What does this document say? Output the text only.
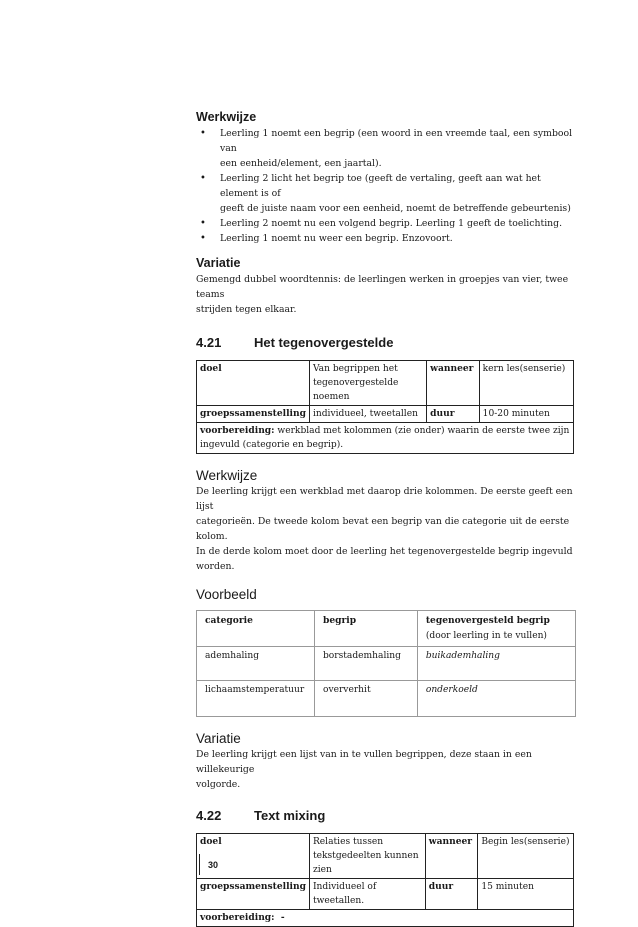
Werkwijze
• Leerling 1 noemt een begrip (een woord in een vreemde taal, een symbool van
een eenheid/element, een jaartal).
• Leerling 2 licht het begrip toe (geeft de vertaling, geeft aan wat het element is of
geeft de juiste naam voor een eenheid, noemt de betreffende gebeurtenis)
• Leerling 2 noemt nu een volgend begrip. Leerling 1 geeft de toelichting.
• Leerling 1 noemt nu weer een begrip. Enzovoort.
Variatie

Gemengd dubbel woordtennis: de leerlingen werken in groepjes van vier, twee teams
strijden tegen elkaar.

4.21	Het tegenovergestelde
doel	Van begrippen het
tegenovergestelde noemen	wanneer	kern les(senserie)
groepssamenstelling	individueel, tweetallen	duur	10-20 minuten
voorbereiding: werkblad met kolommen (zie onder) waarin de eerste twee zijn
ingevuld (categorie en begrip).			
Werkwijze

De leerling krijgt een werkblad met daarop drie kolommen. De eerste geeft een lijst
categorieën. De tweede kolom bevat een begrip van die categorie uit de eerste kolom.
In de derde kolom moet door de leerling het tegenovergestelde begrip ingevuld
worden.

Voorbeeld
categorie	begrip	tegenovergesteld begrip
(door leerling in te vullen)
ademhaling	borstademhaling	buikademhaling
lichaamstemperatuur	oververhit	onderkoeld
Variatie

De leerling krijgt een lijst van in te vullen begrippen, deze staan in een willekeurige
volgorde.

4.22	Text mixing
doel	Relaties tussen
tekstgedeelten kunnen
zien	wanneer	Begin les(senserie)
groepssamenstelling	Individueel of tweetallen.	duur	15 minuten
voorbereiding:  -			
30
